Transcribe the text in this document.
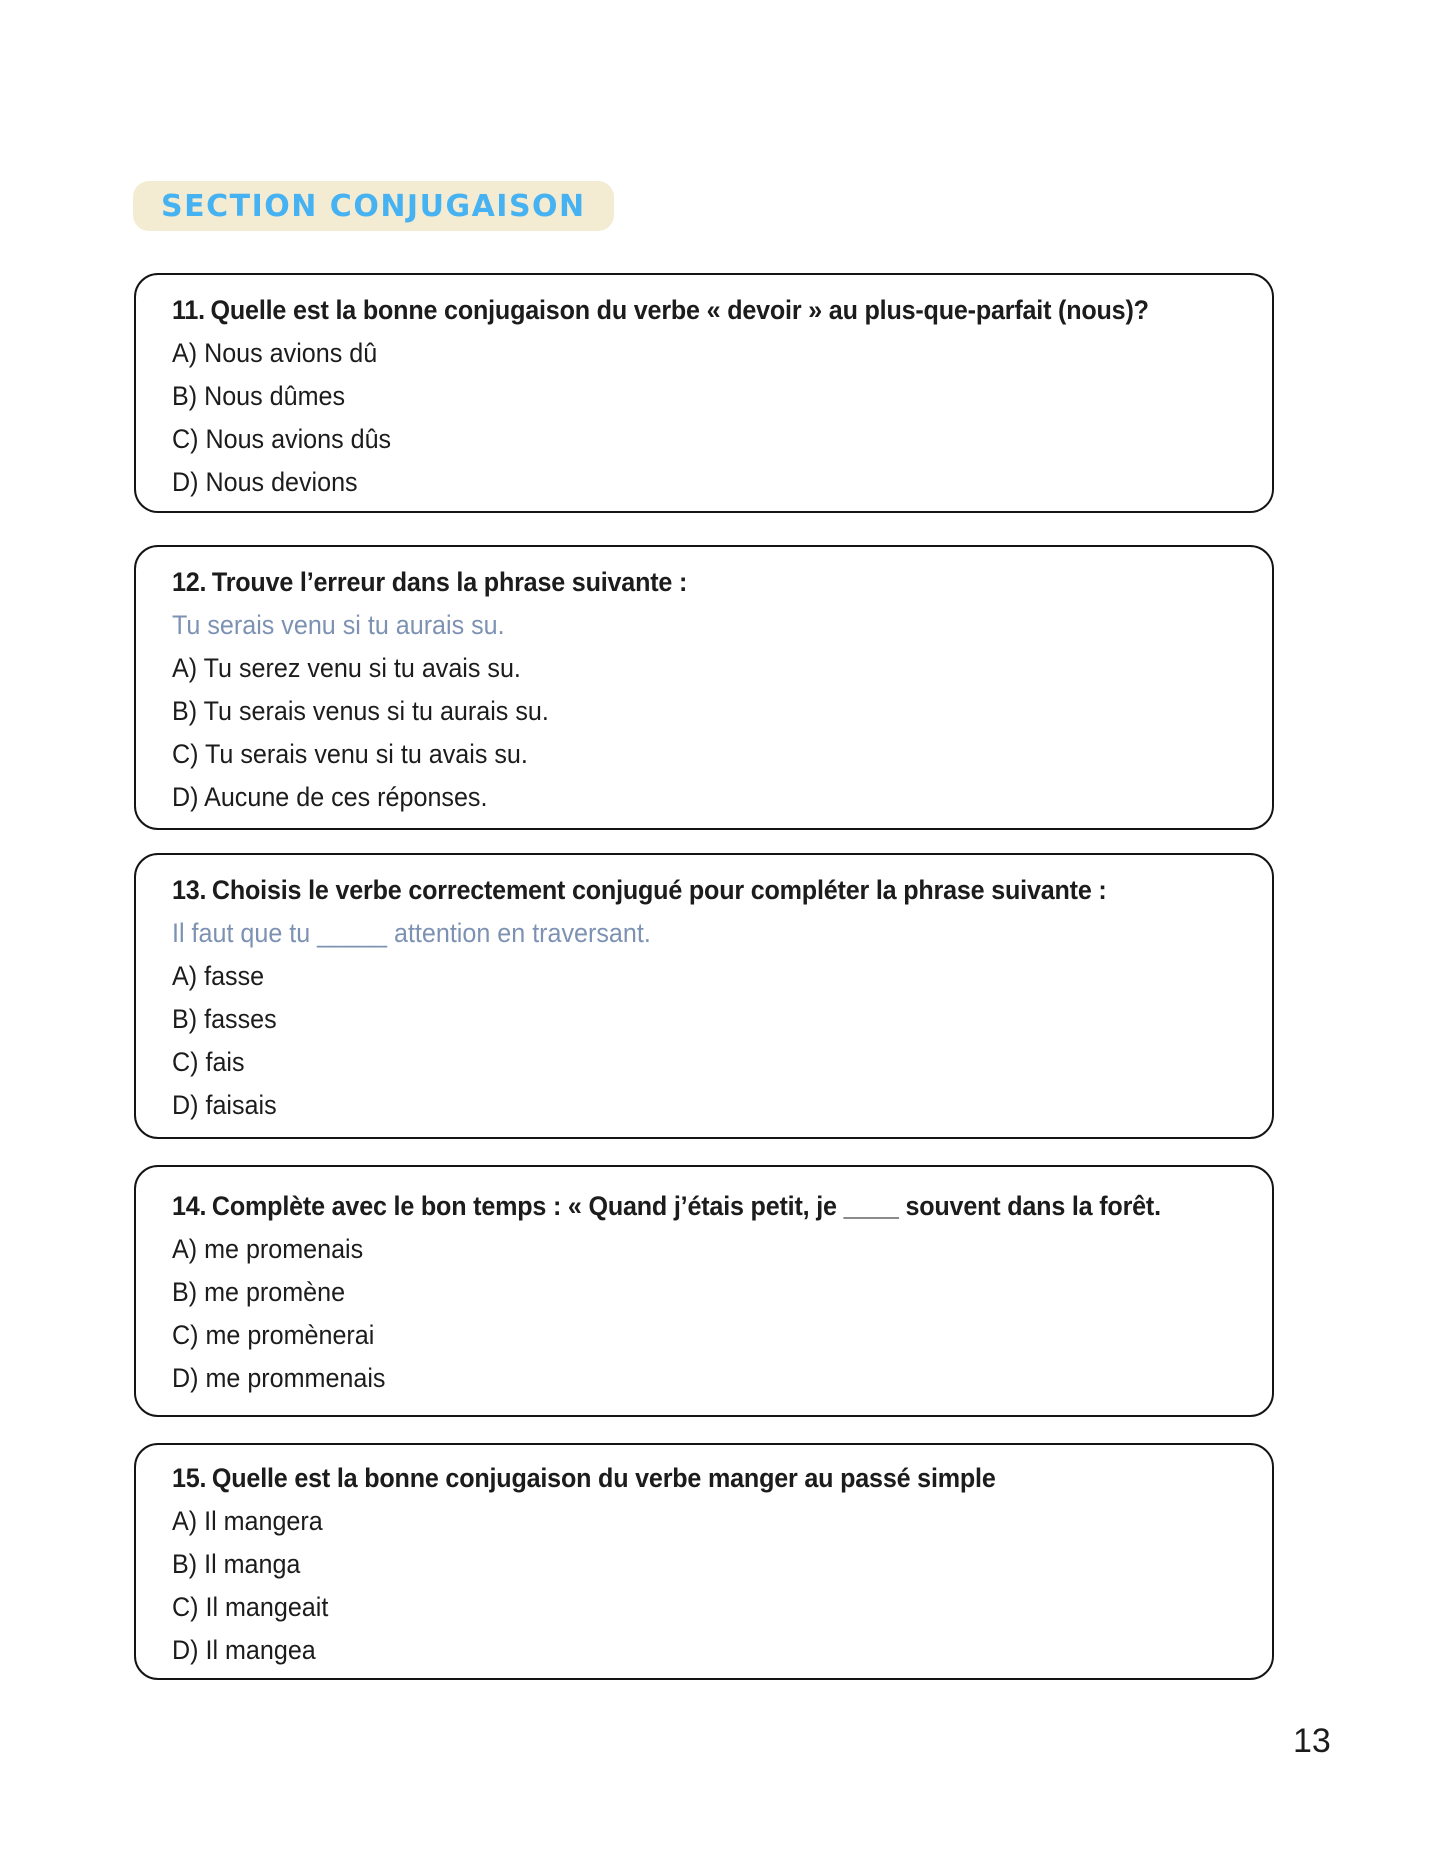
SECTION CONJUGAISON

11. Quelle est la bonne conjugaison du verbe « devoir » au plus-que-parfait (nous)?

A) Nous avions dû
B) Nous dûmes
C) Nous avions dûs
D) Nous devions

12. Trouve l’erreur dans la phrase suivante :

Tu serais venu si tu aurais su.

A) Tu serez venu si tu avais su.
B) Tu serais venus si tu aurais su.
C) Tu serais venu si tu avais su.
D) Aucune de ces réponses.

13. Choisis le verbe correctement conjugué pour compléter la phrase suivante :

Il faut que tu _____ attention en traversant.

A) fasse
B) fasses
C) fais
D) faisais

14. Complète avec le bon temps : « Quand j’étais petit, je ____ souvent dans la forêt.

A) me promenais
B) me promène
C) me promènerai
D) me prommenais

15. Quelle est la bonne conjugaison du verbe manger au passé simple

A) Il mangera
B) Il manga
C) Il mangeait
D) Il mangea
13
